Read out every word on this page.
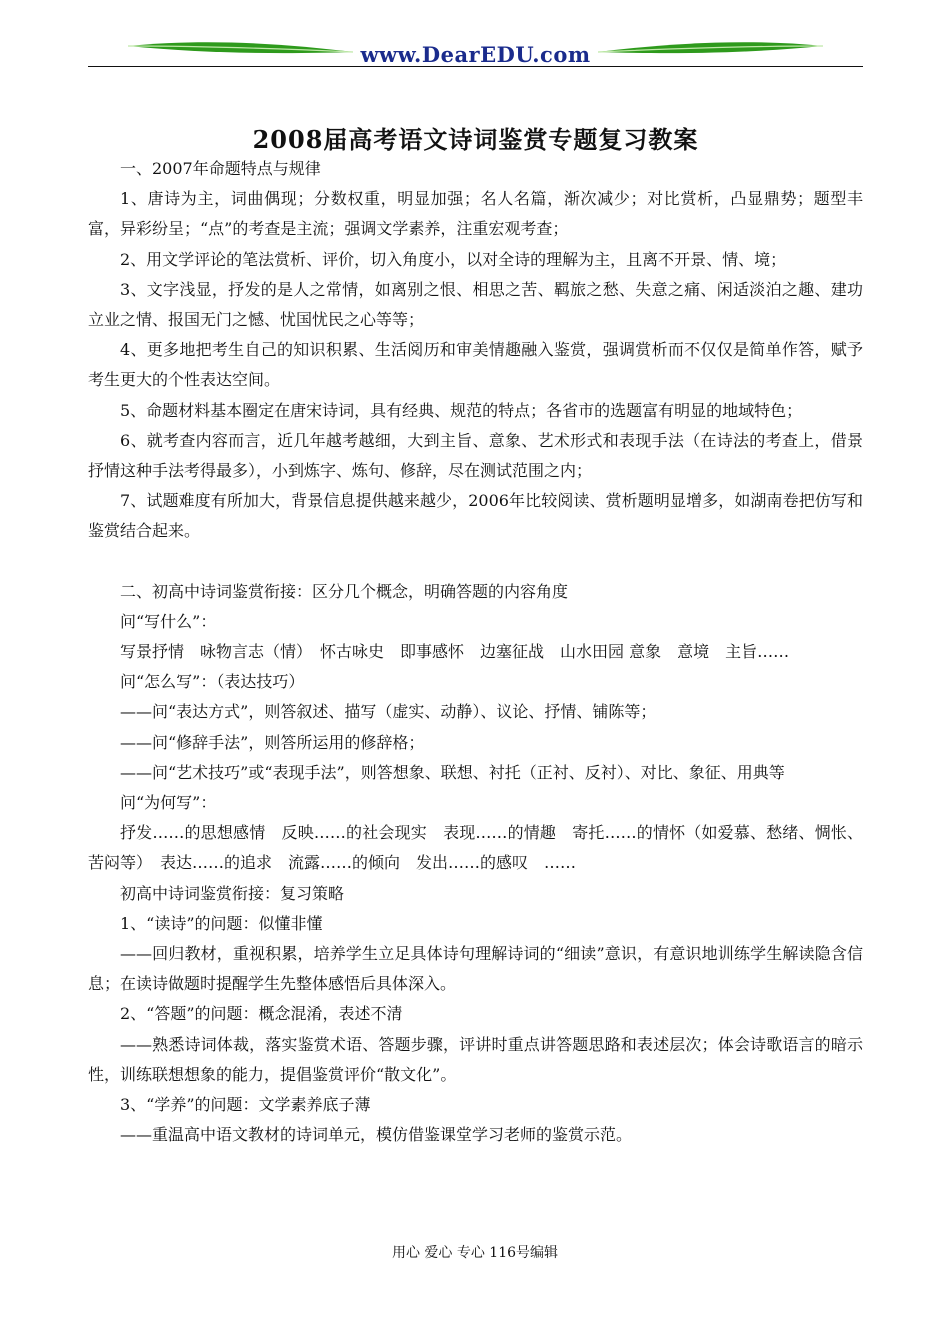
www.DearEDU.com
2008届高考语文诗词鉴赏专题复习教案

一、2007年命题特点与规律

1、唐诗为主，词曲偶现；分数权重，明显加强；名人名篇，渐次减少；对比赏析，凸显鼎势；题型丰富，异彩纷呈；“点”的考查是主流；强调文学素养，注重宏观考查；

2、用文学评论的笔法赏析、评价，切入角度小，以对全诗的理解为主，且离不开景、情、境；

3、文字浅显，抒发的是人之常情，如离别之恨、相思之苦、羁旅之愁、失意之痛、闲适淡泊之趣、建功立业之情、报国无门之憾、忧国忧民之心等等；

4、更多地把考生自己的知识积累、生活阅历和审美情趣融入鉴赏，强调赏析而不仅仅是简单作答，赋予考生更大的个性表达空间。

5、命题材料基本圈定在唐宋诗词，具有经典、规范的特点；各省市的选题富有明显的地域特色；

6、就考查内容而言，近几年越考越细，大到主旨、意象、艺术形式和表现手法（在诗法的考查上，借景抒情这种手法考得最多），小到炼字、炼句、修辞，尽在测试范围之内；

7、试题难度有所加大，背景信息提供越来越少，2006年比较阅读、赏析题明显增多，如湖南卷把仿写和鉴赏结合起来。

二、初高中诗词鉴赏衔接：区分几个概念，明确答题的内容角度

问“写什么”：

写景抒情　咏物言志（情）　怀古咏史　即事感怀　边塞征战　山水田园 意象　意境　主旨……

问“怎么写”：（表达技巧）

——问“表达方式”，则答叙述、描写（虚实、动静）、议论、抒情、铺陈等；

——问“修辞手法”，则答所运用的修辞格；

——问“艺术技巧”或“表现手法”，则答想象、联想、衬托（正衬、反衬）、对比、象征、用典等

问“为何写”：

抒发……的思想感情　反映……的社会现实　表现……的情趣　寄托……的情怀（如爱慕、愁绪、惆怅、苦闷等）　表达……的追求　流露……的倾向　发出……的感叹　……

初高中诗词鉴赏衔接：复习策略

1、“读诗”的问题：似懂非懂

——回归教材，重视积累，培养学生立足具体诗句理解诗词的“细读”意识，有意识地训练学生解读隐含信息；在读诗做题时提醒学生先整体感悟后具体深入。

2、“答题”的问题：概念混淆，表述不清

——熟悉诗词体裁，落实鉴赏术语、答题步骤，评讲时重点讲答题思路和表述层次；体会诗歌语言的暗示性，训练联想想象的能力，提倡鉴赏评价“散文化”。

3、“学养”的问题：文学素养底子薄

——重温高中语文教材的诗词单元，模仿借鉴课堂学习老师的鉴赏示范。

用心 爱心 专心 116号编辑
